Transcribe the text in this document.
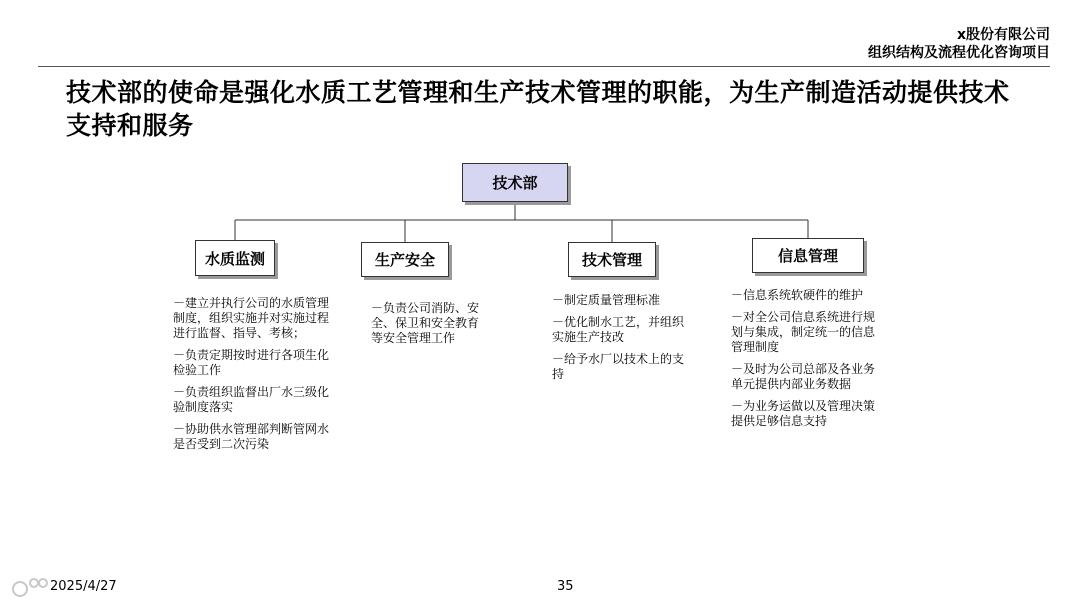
x股份有限公司
组织结构及流程优化咨询项目
技术部的使命是强化水质工艺管理和生产技术管理的职能，为生产制造活动提供技术支持和服务
技术部
水质监测	生产安全	技术管理	信息管理
－建立并执行公司的水质管理制度，组织实施并对实施过程进行监督、指导、考核；
－负责定期按时进行各项生化检验工作
－负责组织监督出厂水三级化验制度落实
－协助供水管理部判断管网水是否受到二次污染
－负责公司消防、安全、保卫和安全教育等安全管理工作
－制定质量管理标准
－优化制水工艺，并组织实施生产技改
－给予水厂以技术上的支持
－信息系统软硬件的维护
－对全公司信息系统进行规划与集成，制定统一的信息管理制度
－及时为公司总部及各业务单元提供内部业务数据
－为业务运做以及管理决策提供足够信息支持
2025/4/27	35
